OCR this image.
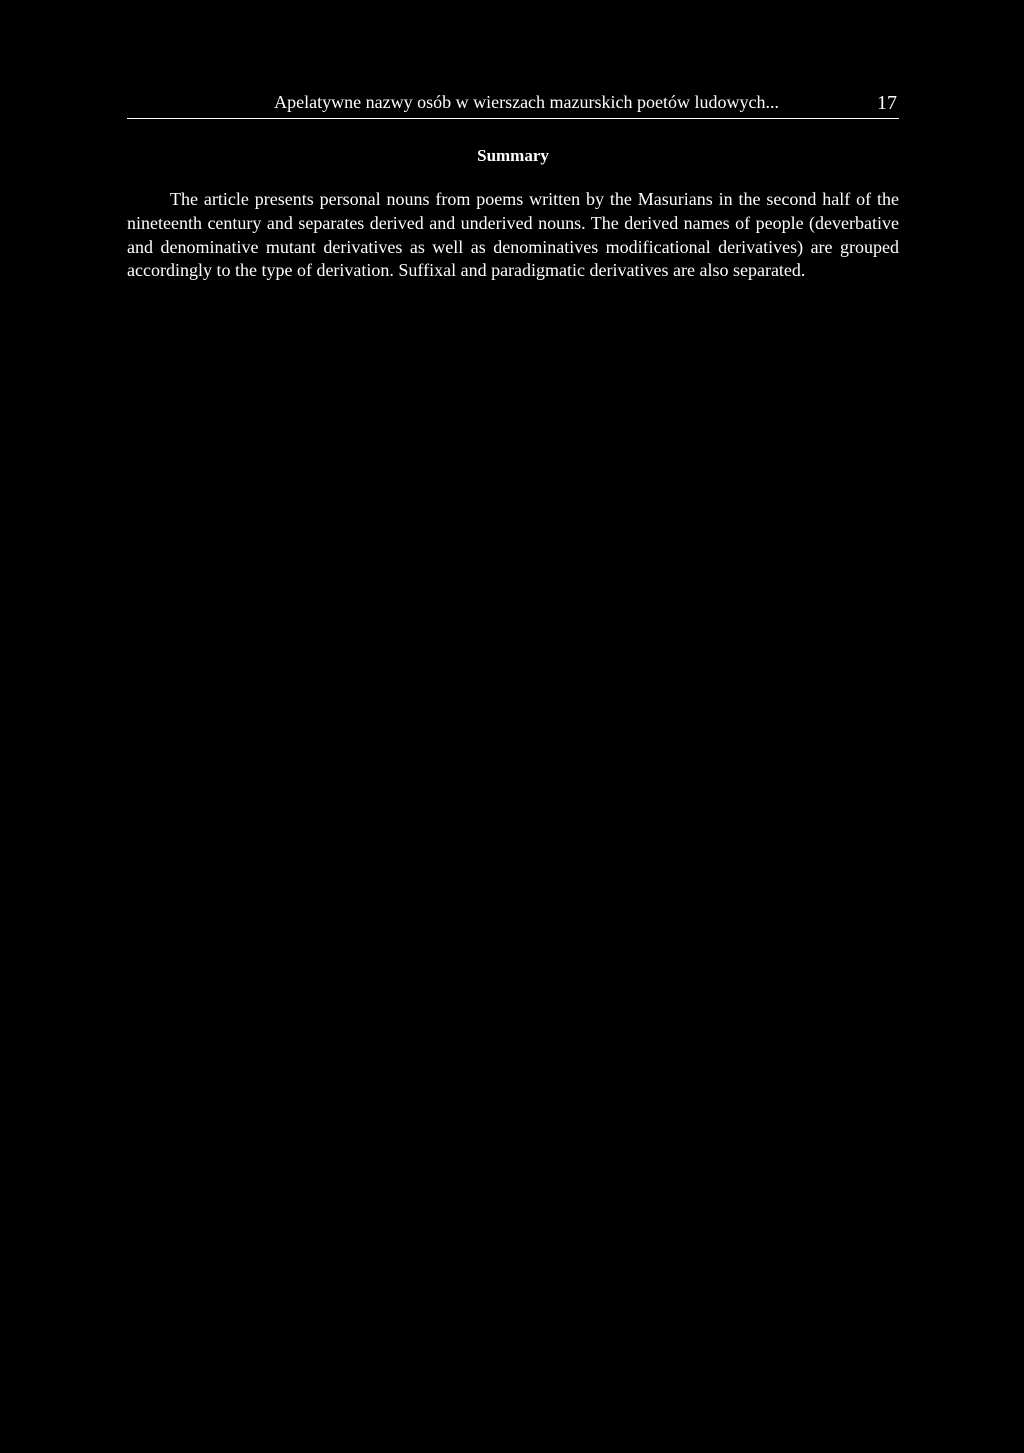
Apelatywne nazwy osób w wierszach mazurskich poetów ludowych...	17
Summary

The article presents personal nouns from poems written by the Masurians in the second half of the nineteenth century and separates derived and underived nouns. The derived names of people (deverbative and denominative mutant derivatives as well as denominatives modificational derivatives) are grouped accordingly to the type of derivation. Suffixal and paradigmatic derivatives are also separated.
